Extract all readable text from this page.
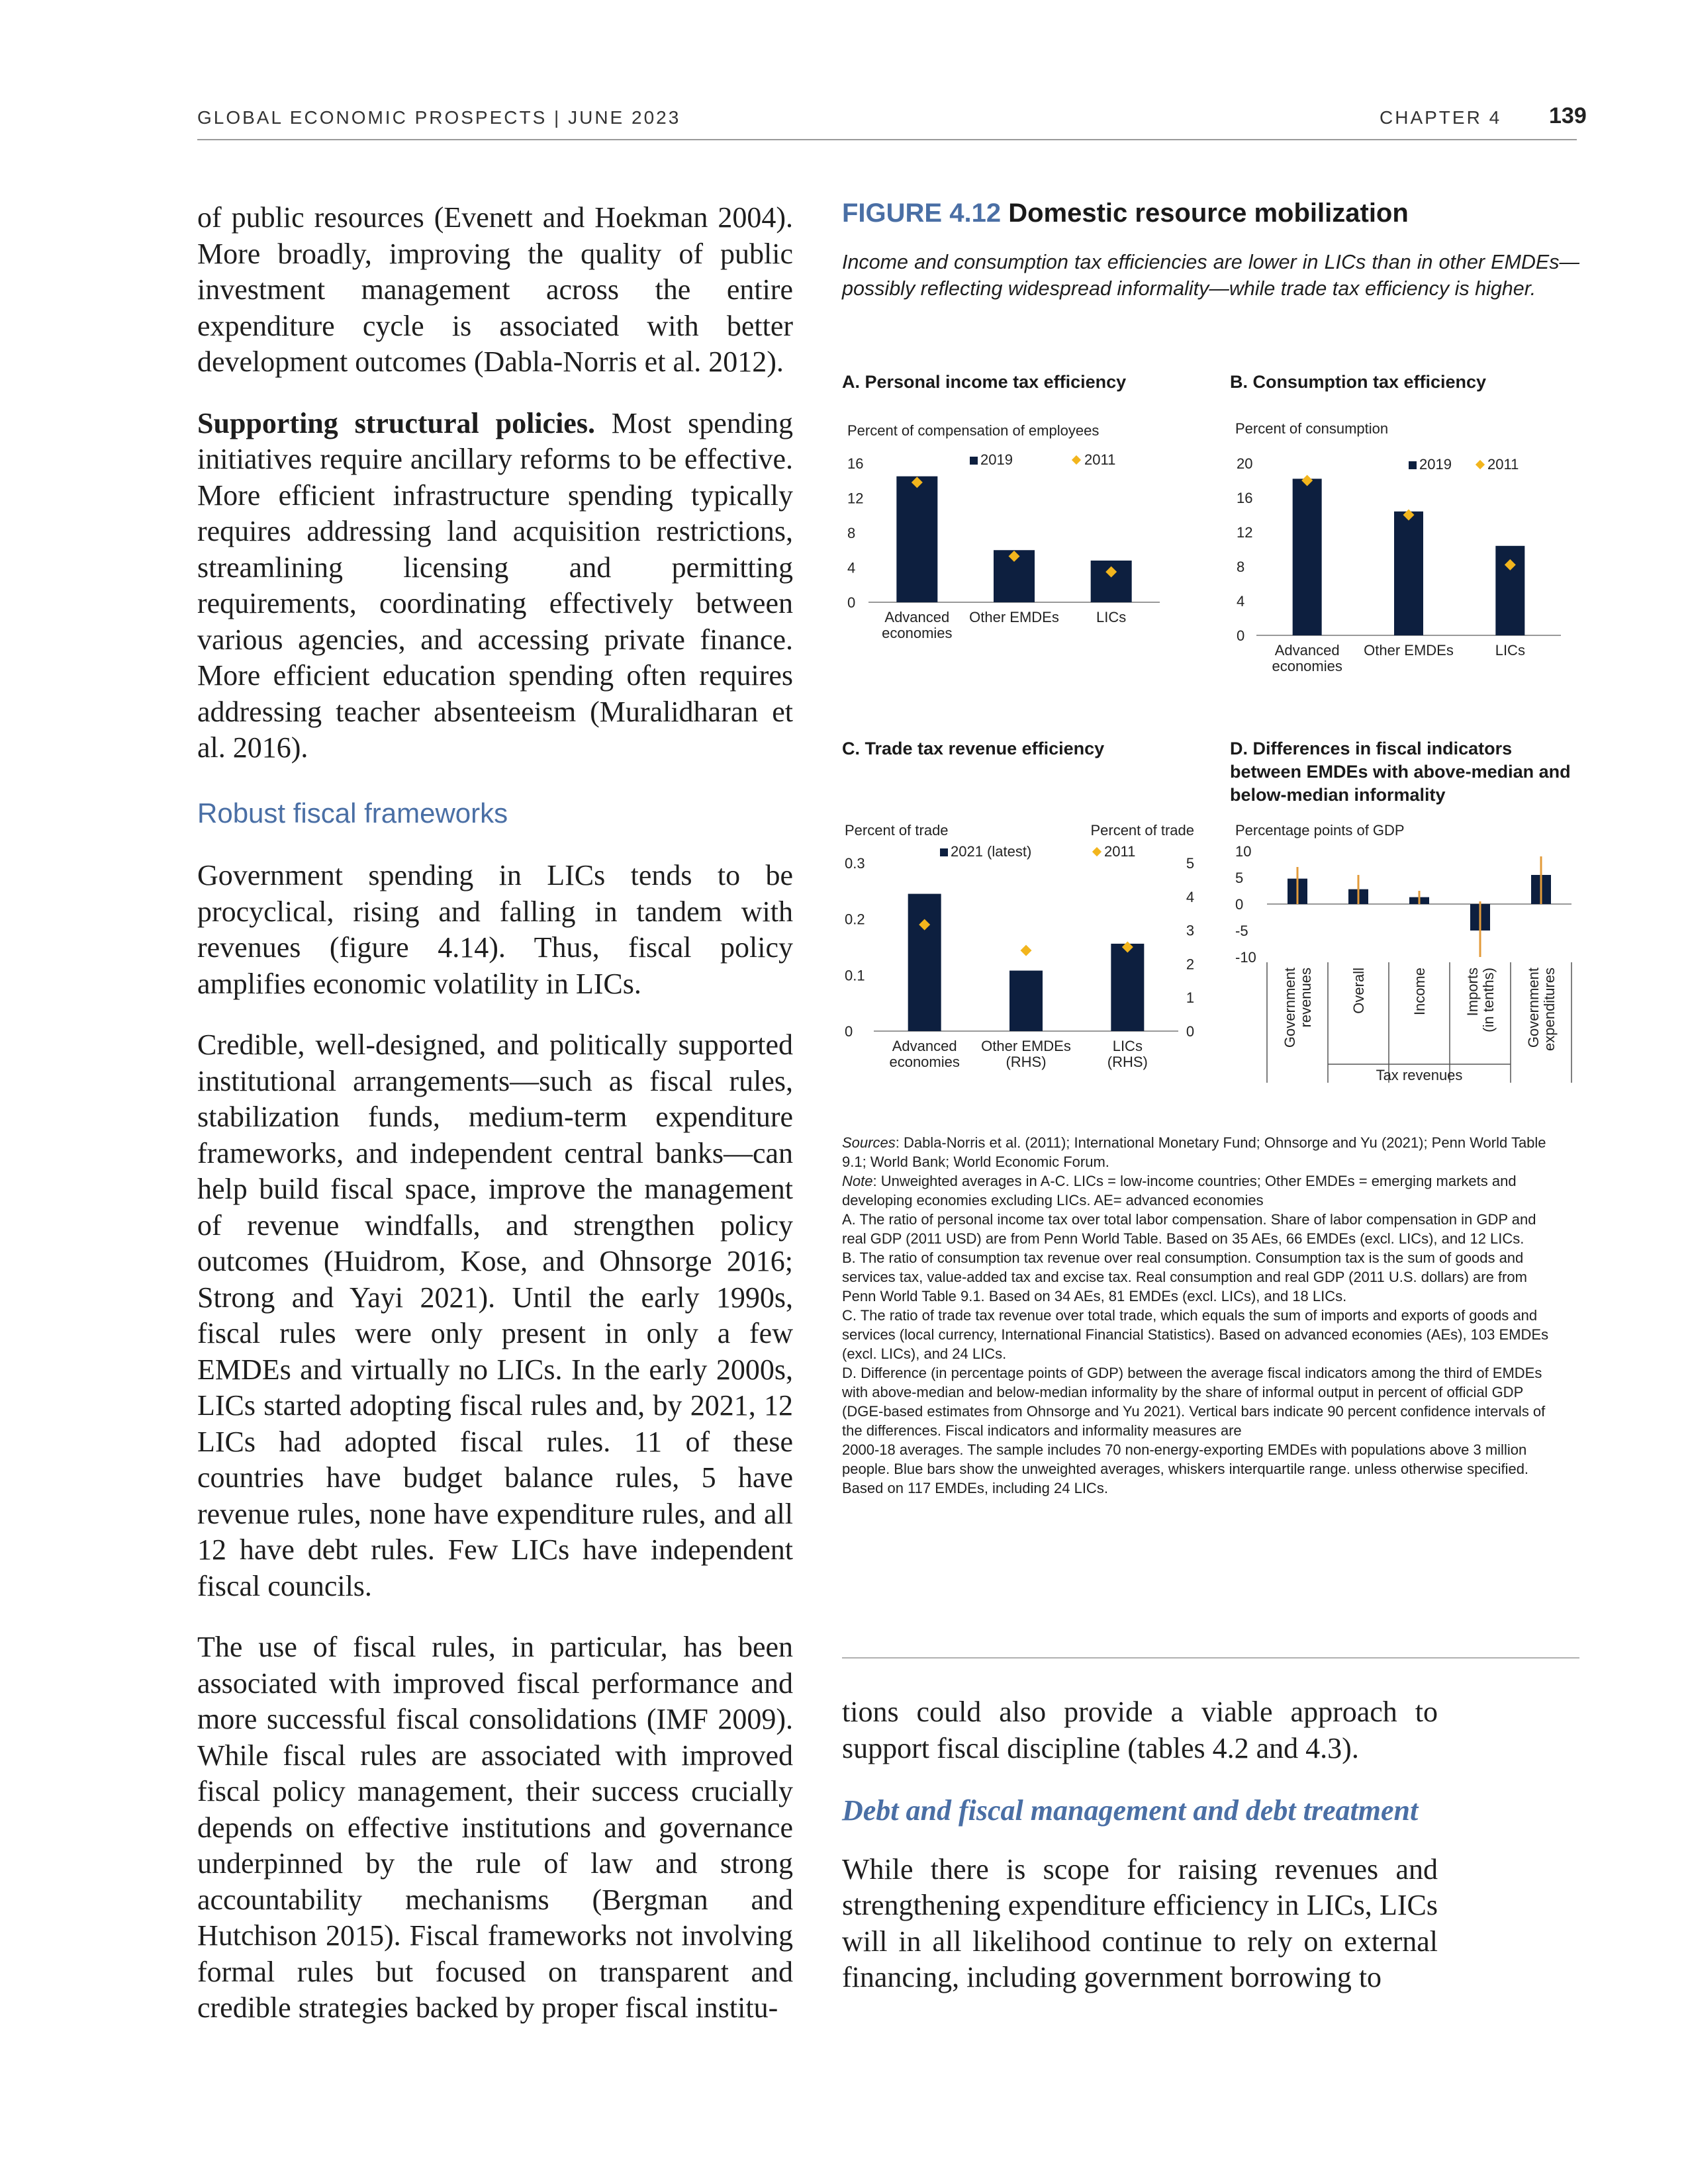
GLOBAL ECONOMIC PROSPECTS | JUNE 2023	CHAPTER 4 139

of public resources (Evenett and Hoekman 2004). More broadly, improving the quality of public investment management across the entire expenditure cycle is associated with better development outcomes (Dabla-Norris et al. 2012).

Supporting structural policies. Most spending initiatives require ancillary reforms to be effective. More efficient infrastructure spending typically requires addressing land acquisition restrictions, streamlining licensing and permitting requirements, coordinating effectively between various agencies, and accessing private finance. More efficient education spending often requires addressing teacher absenteeism (Muralidharan et al. 2016).

Robust fiscal frameworks

Government spending in LICs tends to be procyclical, rising and falling in tandem with revenues (figure 4.14). Thus, fiscal policy amplifies economic volatility in LICs.

Credible, well-designed, and politically supported institutional arrangements—such as fiscal rules, stabilization funds, medium-term expenditure frameworks, and independent central banks—can help build fiscal space, improve the management of revenue windfalls, and strengthen policy outcomes (Huidrom, Kose, and Ohnsorge 2016; Strong and Yayi 2021). Until the early 1990s, fiscal rules were only present in only a few EMDEs and virtually no LICs. In the early 2000s, LICs started adopting fiscal rules and, by 2021, 12 LICs had adopted fiscal rules. 11 of these countries have budget balance rules, 5 have revenue rules, none have expenditure rules, and all 12 have debt rules. Few LICs have independent fiscal councils.

The use of fiscal rules, in particular, has been associated with improved fiscal performance and more successful fiscal consolidations (IMF 2009). While fiscal rules are associated with improved fiscal policy management, their success crucially depends on effective institutions and governance underpinned by the rule of law and strong accountability mechanisms (Bergman and Hutchison 2015). Fiscal frameworks not involving formal rules but focused on transparent and credible strategies backed by proper fiscal institu-

FIGURE 4.12 Domestic resource mobilization
Income and consumption tax efficiencies are lower in LICs than in other EMDEs—possibly reflecting widespread informality—while trade tax efficiency is higher.
A. Personal income tax efficiency	B. Consumption tax efficiency
C. Trade tax revenue efficiency	D. Differences in fiscal indicators between EMDEs with above-median and below-median informality
Percent of compensation of employees
2019	2011
0
4
8
12
16
Advanced economies
Other EMDEs	LICs
Percent of consumption
2019 2011
0
4
8
12
16
20
Advanced economies
Other EMDEs	LICs
Percent of trade	Percent of trade
2021 (latest)	2011
0
0.1
0.2
0.3
0
1
2
3
4
5
Advanced economies
Other EMDEs (RHS)
LICs (RHS)
Percentage points of GDP
10
5
0
-5
-10
Tax revenues
Governmentrevenues	Overall	Income	Imports(in tenths) Governmentexpenditures

Sources: Dabla-Norris et al. (2011); International Monetary Fund; Ohnsorge and Yu (2021); Penn World Table 9.1; World Bank; World Economic Forum.

Note: Unweighted averages in A-C. LICs = low-income countries; Other EMDEs = emerging markets and developing economies excluding LICs. AE= advanced economies

A. The ratio of personal income tax over total labor compensation. Share of labor compensation in GDP and real GDP (2011 USD) are from Penn World Table. Based on 35 AEs, 66 EMDEs (excl. LICs), and 12 LICs.

B. The ratio of consumption tax revenue over real consumption. Consumption tax is the sum of goods and services tax, value-added tax and excise tax. Real consumption and real GDP (2011 U.S. dollars) are from Penn World Table 9.1. Based on 34 AEs, 81 EMDEs (excl. LICs), and 18 LICs.

C. The ratio of trade tax revenue over total trade, which equals the sum of imports and exports of goods and services (local currency, International Financial Statistics). Based on advanced economies (AEs), 103 EMDEs (excl. LICs), and 24 LICs.

D. Difference (in percentage points of GDP) between the average fiscal indicators among the third of EMDEs with above-median and below-median informality by the share of informal output in percent of official GDP (DGE-based estimates from Ohnsorge and Yu 2021). Vertical bars indicate 90 percent confidence intervals of the differences. Fiscal indicators and informality measures are

2000-18 averages. The sample includes 70 non-energy-exporting EMDEs with populations above 3 million people. Blue bars show the unweighted averages, whiskers interquartile range. unless otherwise specified. Based on 117 EMDEs, including 24 LICs.

tions could also provide a viable approach to support fiscal discipline (tables 4.2 and 4.3).

Debt and fiscal management and debt treatment

While there is scope for raising revenues and strengthening expenditure efficiency in LICs, LICs will in all likelihood continue to rely on external financing, including government borrowing to
